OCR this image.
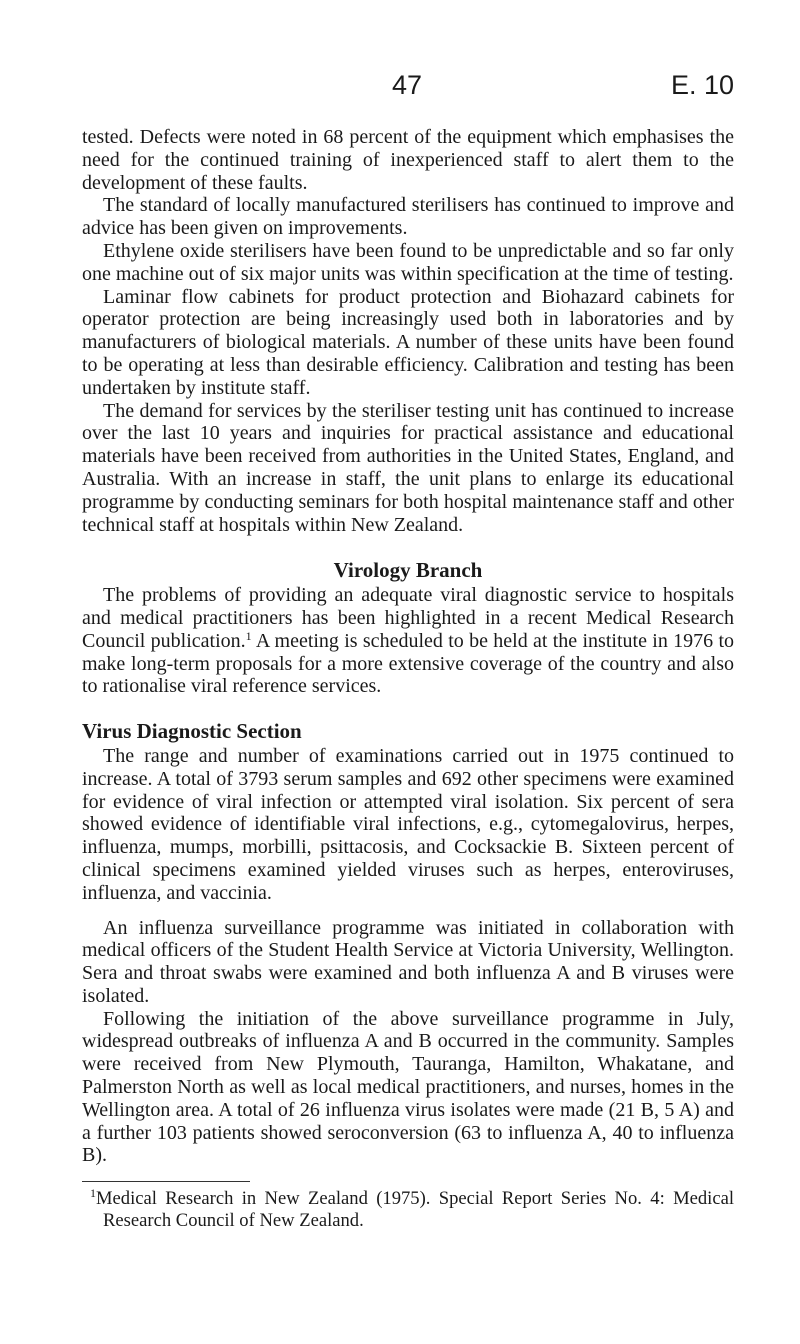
47	E. 10

tested. Defects were noted in 68 percent of the equipment which emphasises the need for the continued training of inexperienced staff to alert them to the development of these faults.

The standard of locally manufactured sterilisers has continued to improve and advice has been given on improvements.

Ethylene oxide sterilisers have been found to be unpredictable and so far only one machine out of six major units was within specification at the time of testing.

Laminar flow cabinets for product protection and Biohazard cabinets for operator protection are being increasingly used both in laboratories and by manufacturers of biological materials. A number of these units have been found to be operating at less than desirable efficiency. Calibration and testing has been undertaken by institute staff.

The demand for services by the steriliser testing unit has continued to increase over the last 10 years and inquiries for practical assistance and educational materials have been received from authorities in the United States, England, and Australia. With an increase in staff, the unit plans to enlarge its educational programme by conducting seminars for both hospital maintenance staff and other technical staff at hospitals within New Zealand.

Virology Branch

The problems of providing an adequate viral diagnostic service to hospitals and medical practitioners has been highlighted in a recent Medical Research Council publication.$^1$ A meeting is scheduled to be held at the institute in 1976 to make long-term proposals for a more extensive coverage of the country and also to rationalise viral reference services.

Virus Diagnostic Section

The range and number of examinations carried out in 1975 continued to increase. A total of 3793 serum samples and 692 other specimens were examined for evidence of viral infection or attempted viral isolation. Six percent of sera showed evidence of identifiable viral infections, e.g., cytomegalovirus, herpes, influenza, mumps, morbilli, psittacosis, and Cocksackie B. Sixteen percent of clinical specimens examined yielded viruses such as herpes, enteroviruses, influenza, and vaccinia.

An influenza surveillance programme was initiated in collaboration with medical officers of the Student Health Service at Victoria University, Wellington. Sera and throat swabs were examined and both influenza A and B viruses were isolated.

Following the initiation of the above surveillance programme in July, widespread outbreaks of influenza A and B occurred in the community. Samples were received from New Plymouth, Tauranga, Hamilton, Whakatane, and Palmerston North as well as local medical practitioners, and nurses, homes in the Wellington area. A total of 26 influenza virus isolates were made (21 B, 5 A) and a further 103 patients showed seroconversion (63 to influenza A, 40 to influenza B).

$^1$Medical Research in New Zealand (1975). Special Report Series No. 4: Medical Research Council of New Zealand.
